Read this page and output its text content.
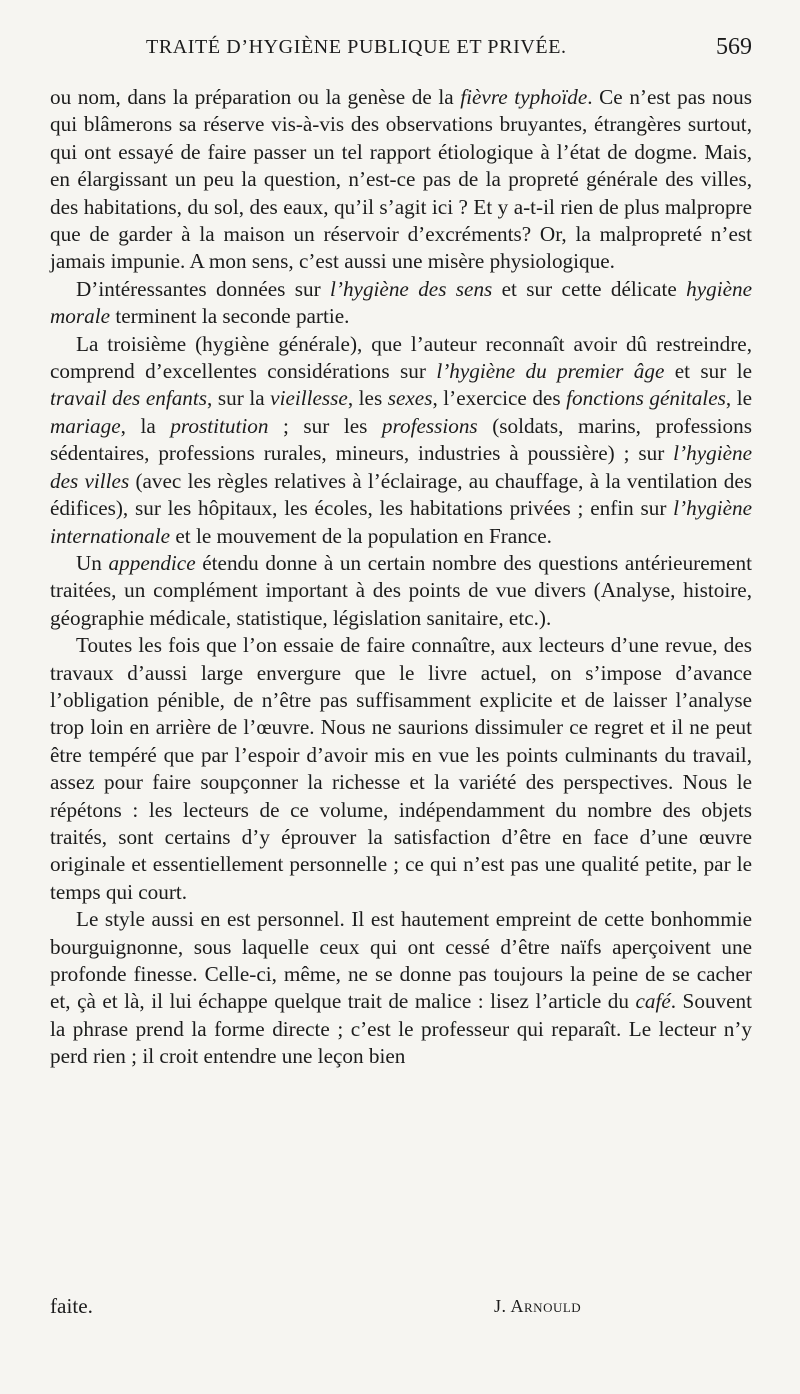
TRAITÉ D’HYGIÈNE PUBLIQUE ET PRIVÉE.	569

ou nom, dans la préparation ou la genèse de la fièvre typhoïde. Ce n’est pas nous qui blâmerons sa réserve vis-à-vis des observations bruyantes, étrangères surtout, qui ont essayé de faire passer un tel rapport étiologique à l’état de dogme. Mais, en élargissant un peu la question, n’est-ce pas de la propreté générale des villes, des habitations, du sol, des eaux, qu’il s’agit ici ? Et y a-t-il rien de plus malpropre que de garder à la maison un réservoir d’excréments? Or, la malpropreté n’est jamais impunie. A mon sens, c’est aussi une misère physiologique.

D’intéressantes données sur l’hygiène des sens et sur cette délicate hygiène morale terminent la seconde partie.

La troisième (hygiène générale), que l’auteur reconnaît avoir dû restreindre, comprend d’excellentes considérations sur l’hygiène du premier âge et sur le travail des enfants, sur la vieillesse, les sexes, l’exercice des fonctions génitales, le mariage, la prostitution ; sur les professions (soldats, marins, professions sédentaires, professions rurales, mineurs, industries à poussière) ; sur l’hygiène des villes (avec les règles relatives à l’éclairage, au chauffage, à la ventilation des édifices), sur les hôpitaux, les écoles, les habitations privées ; enfin sur l’hygiène internationale et le mouvement de la population en France.

Un appendice étendu donne à un certain nombre des questions antérieurement traitées, un complément important à des points de vue divers (Analyse, histoire, géographie médicale, statistique, législation sanitaire, etc.).

Toutes les fois que l’on essaie de faire connaître, aux lecteurs d’une revue, des travaux d’aussi large envergure que le livre actuel, on s’impose d’avance l’obligation pénible, de n’être pas suffisamment explicite et de laisser l’analyse trop loin en arrière de l’œuvre. Nous ne saurions dissimuler ce regret et il ne peut être tempéré que par l’espoir d’avoir mis en vue les points culminants du travail, assez pour faire soupçonner la richesse et la variété des perspectives. Nous le répétons : les lecteurs de ce volume, indépendamment du nombre des objets traités, sont certains d’y éprouver la satisfaction d’être en face d’une œuvre originale et essentiellement personnelle ; ce qui n’est pas une qualité petite, par le temps qui court.

Le style aussi en est personnel. Il est hautement empreint de cette bonhommie bourguignonne, sous laquelle ceux qui ont cessé d’être naïfs aperçoivent une profonde finesse. Celle-ci, même, ne se donne pas toujours la peine de se cacher et, çà et là, il lui échappe quelque trait de malice : lisez l’article du café. Souvent la phrase prend la forme directe ; c’est le professeur qui reparaît. Le lecteur n’y perd rien ; il croit entendre une leçon bien

faite.	J. Arnould
